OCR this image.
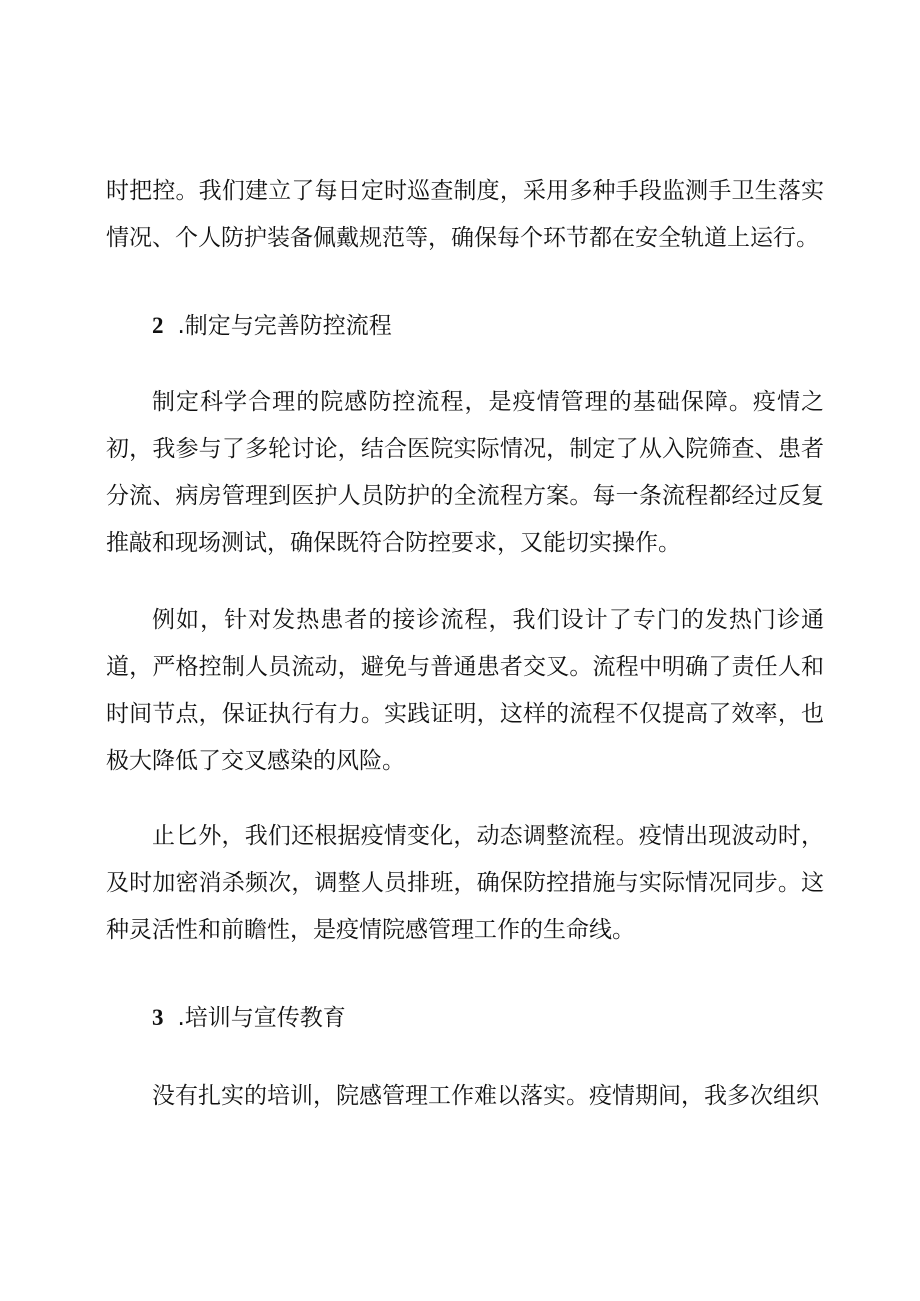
时把控。我们建立了每日定时巡查制度，采用多种手段监测手卫生落实情况、个人防护装备佩戴规范等，确保每个环节都在安全轨道上运行。

2 .制定与完善防控流程

制定科学合理的院感防控流程，是疫情管理的基础保障。疫情之初，我参与了多轮讨论，结合医院实际情况，制定了从入院筛查、患者分流、病房管理到医护人员防护的全流程方案。每一条流程都经过反复推敲和现场测试，确保既符合防控要求，又能切实操作。

例如，针对发热患者的接诊流程，我们设计了专门的发热门诊通道，严格控制人员流动，避免与普通患者交叉。流程中明确了责任人和时间节点，保证执行有力。实践证明，这样的流程不仅提高了效率，也极大降低了交叉感染的风险。

止匕外，我们还根据疫情变化，动态调整流程。疫情出现波动时，及时加密消杀频次，调整人员排班，确保防控措施与实际情况同步。这种灵活性和前瞻性，是疫情院感管理工作的生命线。

3 .培训与宣传教育

没有扎实的培训，院感管理工作难以落实。疫情期间，我多次组织
